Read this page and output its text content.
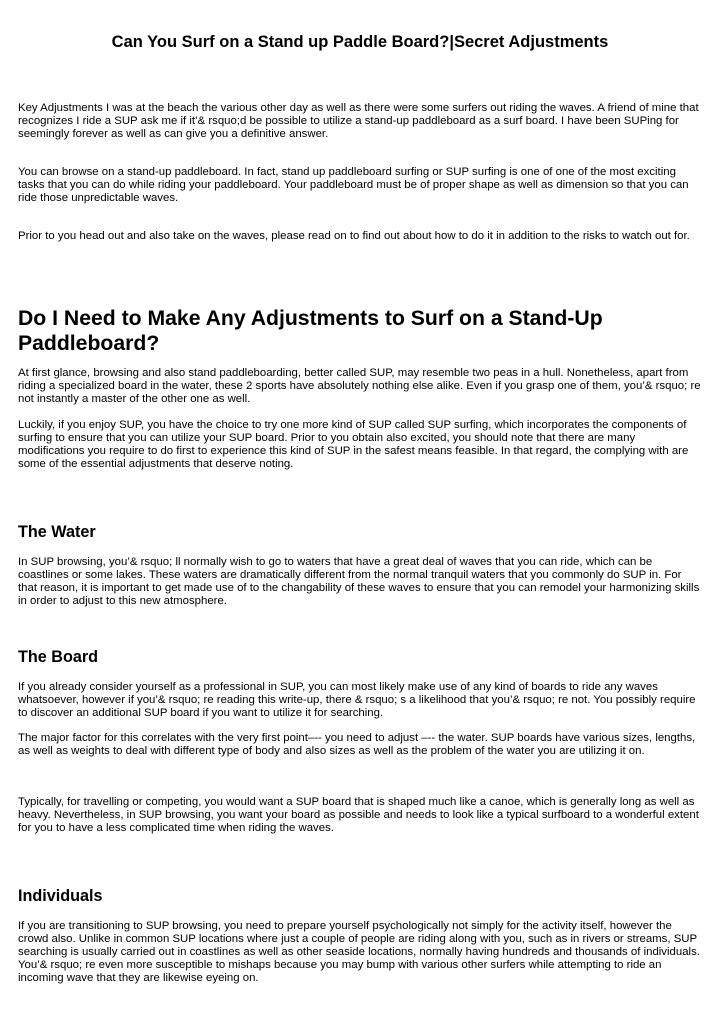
Can You Surf on a Stand up Paddle Board?|Secret Adjustments

Key Adjustments I was at the beach the various other day as well as there were some surfers out riding the waves. A friend of mine that recognizes I ride a SUP ask me if it’& rsquo;d be possible to utilize a stand-up paddleboard as a surf board. I have been SUPing for seemingly forever as well as can give you a definitive answer.

You can browse on a stand-up paddleboard. In fact, stand up paddleboard surfing or SUP surfing is one of one of the most exciting tasks that you can do while riding your paddleboard. Your paddleboard must be of proper shape as well as dimension so that you can ride those unpredictable waves.

Prior to you head out and also take on the waves, please read on to find out about how to do it in addition to the risks to watch out for.

Do I Need to Make Any Adjustments to Surf on a Stand-Up Paddleboard?

At first glance, browsing and also stand paddleboarding, better called SUP, may resemble two peas in a hull. Nonetheless, apart from riding a specialized board in the water, these 2 sports have absolutely nothing else alike. Even if you grasp one of them, you’& rsquo; re not instantly a master of the other one as well.

Luckily, if you enjoy SUP, you have the choice to try one more kind of SUP called SUP surfing, which incorporates the components of surfing to ensure that you can utilize your SUP board. Prior to you obtain also excited, you should note that there are many modifications you require to do first to experience this kind of SUP in the safest means feasible. In that regard, the complying with are some of the essential adjustments that deserve noting.

The Water

In SUP browsing, you’& rsquo; ll normally wish to go to waters that have a great deal of waves that you can ride, which can be coastlines or some lakes. These waters are dramatically different from the normal tranquil waters that you commonly do SUP in. For that reason, it is important to get made use of to the changability of these waves to ensure that you can remodel your harmonizing skills in order to adjust to this new atmosphere.

The Board

If you already consider yourself as a professional in SUP, you can most likely make use of any kind of boards to ride any waves whatsoever, however if you’& rsquo; re reading this write-up, there & rsquo; s a likelihood that you’& rsquo; re not. You possibly require to discover an additional SUP board if you want to utilize it for searching.

The major factor for this correlates with the very first point–-- you need to adjust –-- the water. SUP boards have various sizes, lengths, as well as weights to deal with different type of body and also sizes as well as the problem of the water you are utilizing it on.

Typically, for travelling or competing, you would want a SUP board that is shaped much like a canoe, which is generally long as well as heavy. Nevertheless, in SUP browsing, you want your board as possible and needs to look like a typical surfboard to a wonderful extent for you to have a less complicated time when riding the waves.

Individuals

If you are transitioning to SUP browsing, you need to prepare yourself psychologically not simply for the activity itself, however the crowd also. Unlike in common SUP locations where just a couple of people are riding along with you, such as in rivers or streams, SUP searching is usually carried out in coastlines as well as other seaside locations, normally having hundreds and thousands of individuals. You’& rsquo; re even more susceptible to mishaps because you may bump with various other surfers while attempting to ride an incoming wave that they are likewise eyeing on.
